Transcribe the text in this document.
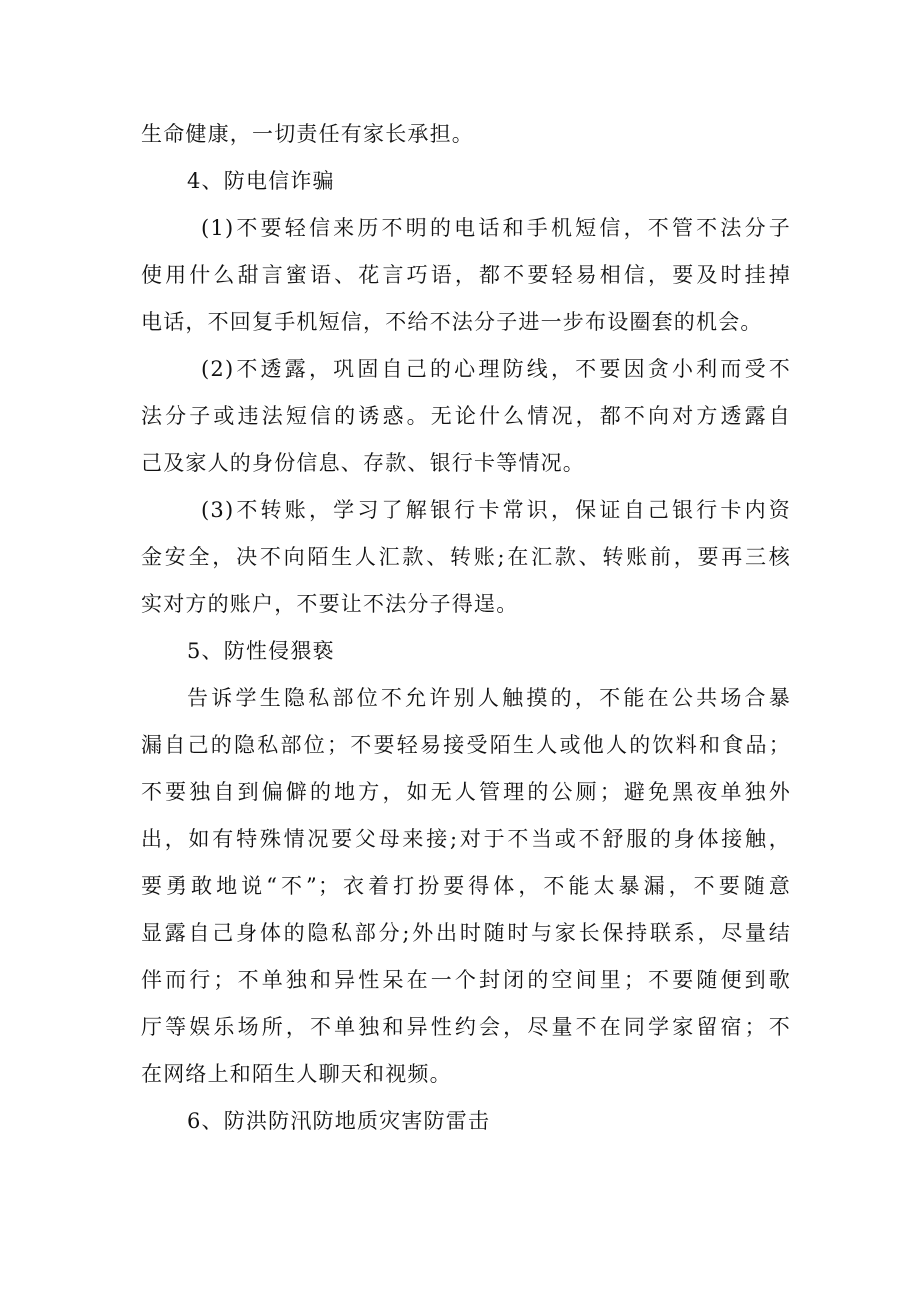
生命健康，一切责任有家长承担。
4、防电信诈骗
(1)不要轻信来历不明的电话和手机短信，不管不法分子
使用什么甜言蜜语、花言巧语，都不要轻易相信，要及时挂掉
电话，不回复手机短信，不给不法分子进一步布设圈套的机会。
(2)不透露，巩固自己的心理防线，不要因贪小利而受不
法分子或违法短信的诱惑。无论什么情况，都不向对方透露自
己及家人的身份信息、存款、银行卡等情况。
(3)不转账，学习了解银行卡常识，保证自己银行卡内资
金安全，决不向陌生人汇款、转账;在汇款、转账前，要再三核
实对方的账户，不要让不法分子得逞。
5、防性侵猥亵
告诉学生隐私部位不允许别人触摸的，不能在公共场合暴
漏自己的隐私部位；不要轻易接受陌生人或他人的饮料和食品；
不要独自到偏僻的地方，如无人管理的公厕；避免黑夜单独外
出，如有特殊情况要父母来接;对于不当或不舒服的身体接触，
要勇敢地说“不”；衣着打扮要得体，不能太暴漏，不要随意
显露自己身体的隐私部分;外出时随时与家长保持联系，尽量结
伴而行；不单独和异性呆在一个封闭的空间里；不要随便到歌
厅等娱乐场所，不单独和异性约会，尽量不在同学家留宿；不
在网络上和陌生人聊天和视频。
6、防洪防汛防地质灾害防雷击
